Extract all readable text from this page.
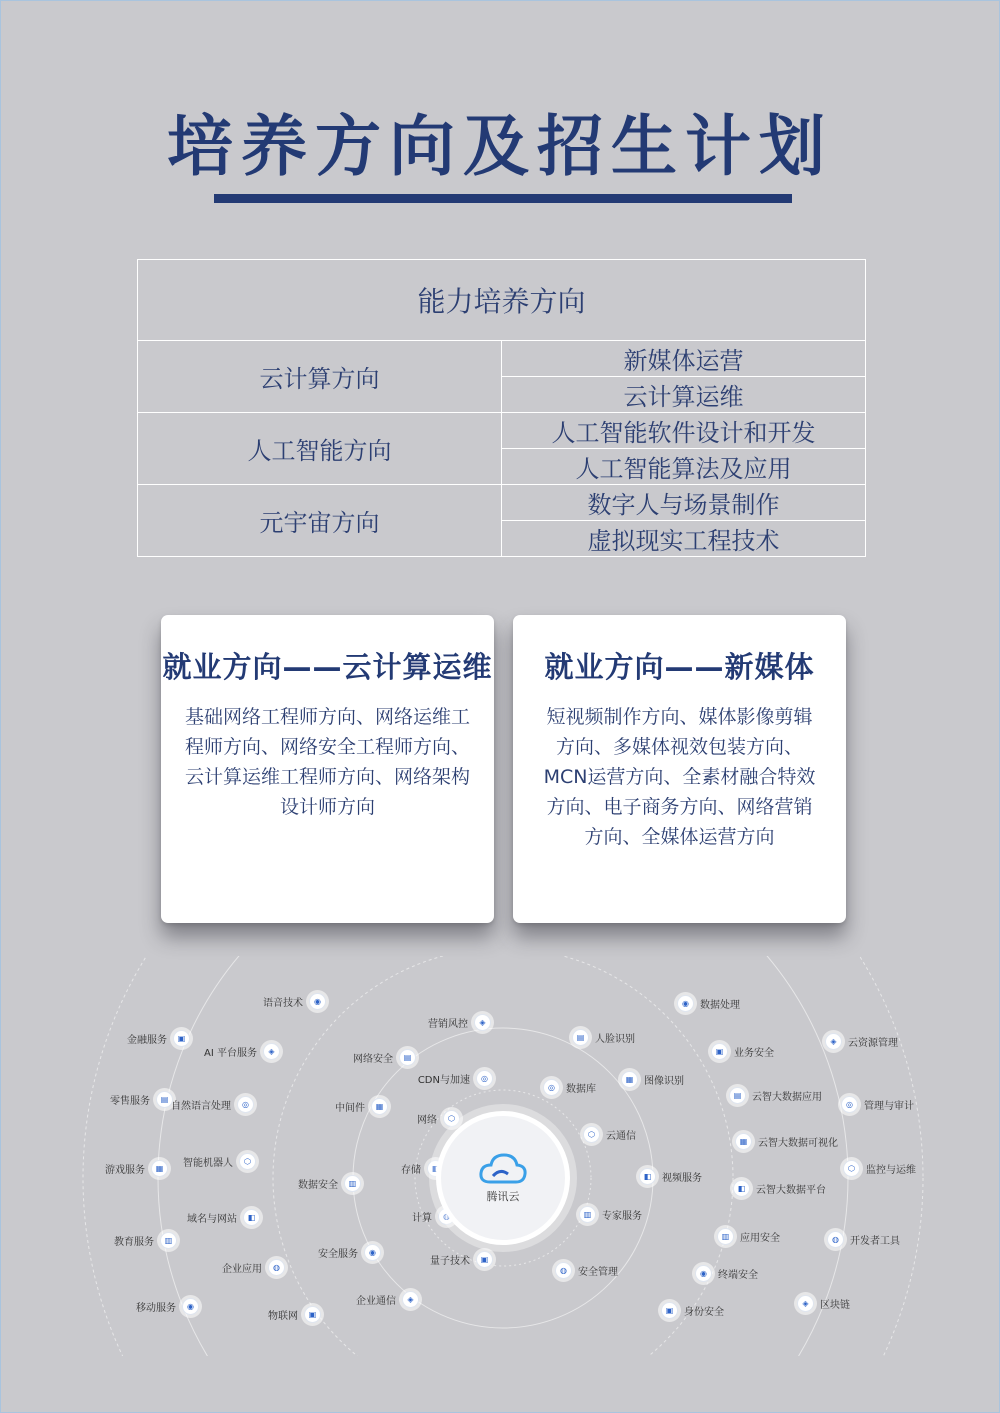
培养方向及招生计划
能力培养方向	
云计算方向	新媒体运营
	云计算运维
人工智能方向	人工智能软件设计和开发
	人工智能算法及应用
元宇宙方向	数字人与场景制作
	虚拟现实工程技术
就业方向——云计算运维
基础网络工程师方向、网络运维工
程师方向、网络安全工程师方向、
云计算运维工程师方向、网络架构
设计师方向
就业方向——新媒体
短视频制作方向、媒体影像剪辑
方向、多媒体视效包装方向、
MCN运营方向、全素材融合特效
方向、电子商务方向、网络营销
方向、全媒体运营方向
◉
语音技术
▣
金融服务
◈
AI 平台服务
▤
零售服务	◎
自然语言处理
▦
游戏服务
⬡
智能机器人
◧
域名与网站
▥
教育服务
◍
企业应用
◉
移动服务
▣
物联网
◈
营销风控
▤
网络安全
◎
CDN与加速
▦
中间件
⬡
网络
◧
存储
▥
数据安全
◍
计算
◉
安全服务	▣
量子技术
◈
企业通信
▤	人脸识别
◎	数据库
▦	图像识别
⬡	云通信
◧	视频服务
▥	专家服务
◍	安全管理
◉	数据处理
▣	业务安全
◈	云资源管理
▤	云智大数据应用
◎	管理与审计
▦	云智大数据可视化
⬡	监控与运维
◧	云智大数据平台
▥	应用安全	◍	开发者工具
◉	终端安全
▣	身份安全
◈	区块链
腾讯云
